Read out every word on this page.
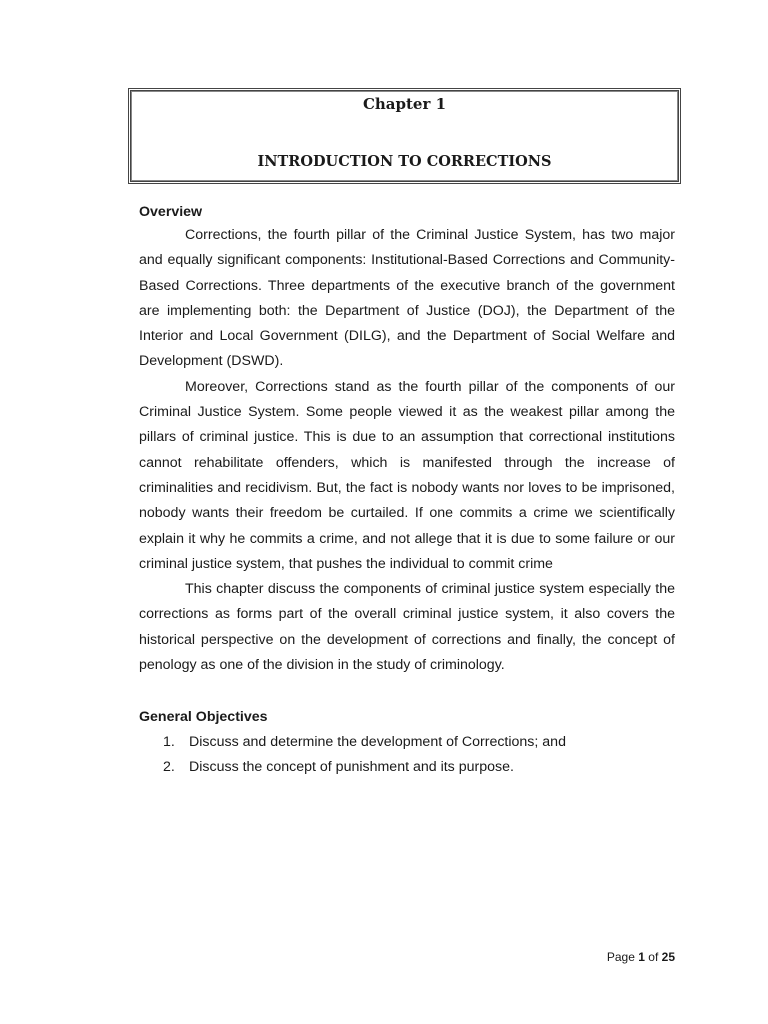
Chapter 1
INTRODUCTION TO CORRECTIONS

Overview

Corrections, the fourth pillar of the Criminal Justice System, has two major and equally significant components: Institutional-Based Corrections and Community-Based Corrections. Three departments of the executive branch of the government are implementing both: the Department of Justice (DOJ), the Department of the Interior and Local Government (DILG), and the Department of Social Welfare and Development (DSWD).

Moreover, Corrections stand as the fourth pillar of the components of our Criminal Justice System. Some people viewed it as the weakest pillar among the pillars of criminal justice. This is due to an assumption that correctional institutions cannot rehabilitate offenders, which is manifested through the increase of criminalities and recidivism. But, the fact is nobody wants nor loves to be imprisoned, nobody wants their freedom be curtailed. If one commits a crime we scientifically explain it why he commits a crime, and not allege that it is due to some failure or our criminal justice system, that pushes the individual to commit crime

This chapter discuss the components of criminal justice system especially the corrections as forms part of the overall criminal justice system, it also covers the historical perspective on the development of corrections and finally, the concept of penology as one of the division in the study of criminology.

General Objectives

1. Discuss and determine the development of Corrections; and
2. Discuss the concept of punishment and its purpose.
Page 1 of 25
